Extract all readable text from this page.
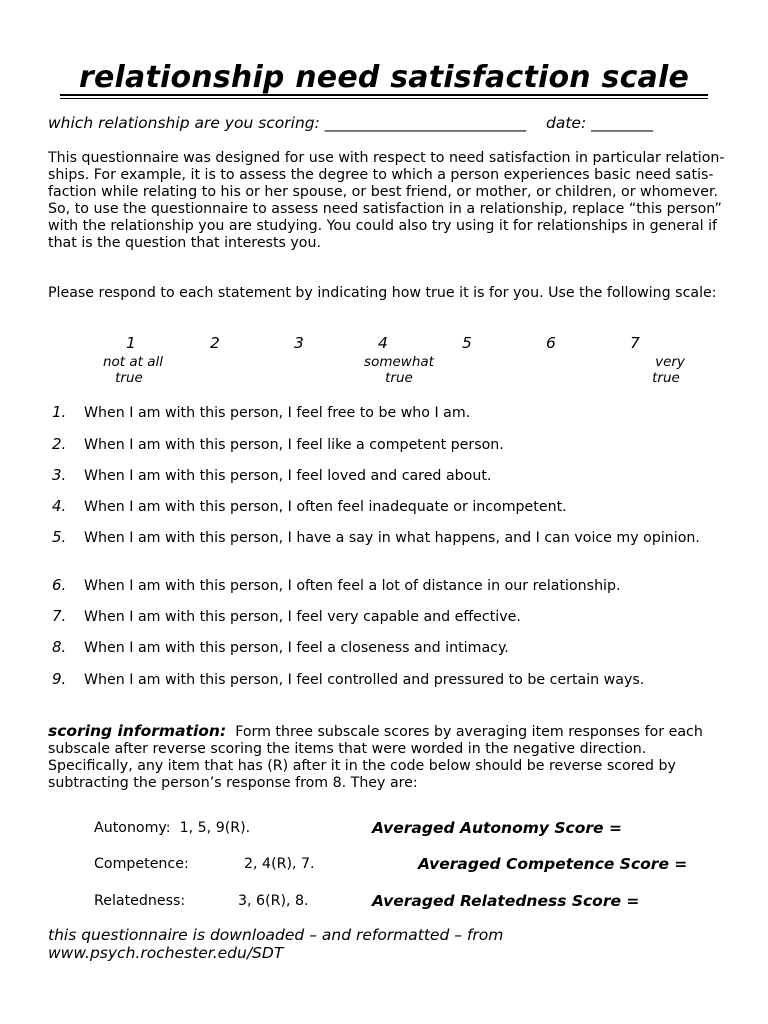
relationship need satisfaction scale
which relationship are you scoring: __________________________ date: ________

This questionnaire was designed for use with respect to need satisfaction in particular relation-ships. For example, it is to assess the degree to which a person experiences basic need satis-faction while relating to his or her spouse, or best friend, or mother, or children, or whomever. So, to use the questionnaire to assess need satisfaction in a relationship, replace “this person” with the relationship you are studying. You could also try using it for relationships in general if that is the question that interests you.

Please respond to each statement by indicating how true it is for you. Use the following scale:

1	2	3	4	5	6	7
not at all
true
somewhat
true
very
true
1. When I am with this person, I feel free to be who I am.
2. When I am with this person, I feel like a competent person.
3. When I am with this person, I feel loved and cared about.
4. When I am with this person, I often feel inadequate or incompetent.
5. When I am with this person, I have a say in what happens, and I can voice my opinion.
6. When I am with this person, I often feel a lot of distance in our relationship.
7. When I am with this person, I feel very capable and effective.
8. When I am with this person, I feel a closeness and intimacy.
9. When I am with this person, I feel controlled and pressured to be certain ways.

scoring information: Form three subscale scores by averaging item responses for each subscale after reverse scoring the items that were worded in the negative direction. Specifically, any item that has (R) after it in the code below should be reverse scored by subtracting the person’s response from 8. They are:

Autonomy: 1, 5, 9(R).	Averaged Autonomy Score =
Competence:	2, 4(R), 7.	Averaged Competence Score =
Relatedness:	3, 6(R), 8.	Averaged Relatedness Score =
this questionnaire is downloaded – and reformatted – from
www.psych.rochester.edu/SDT
